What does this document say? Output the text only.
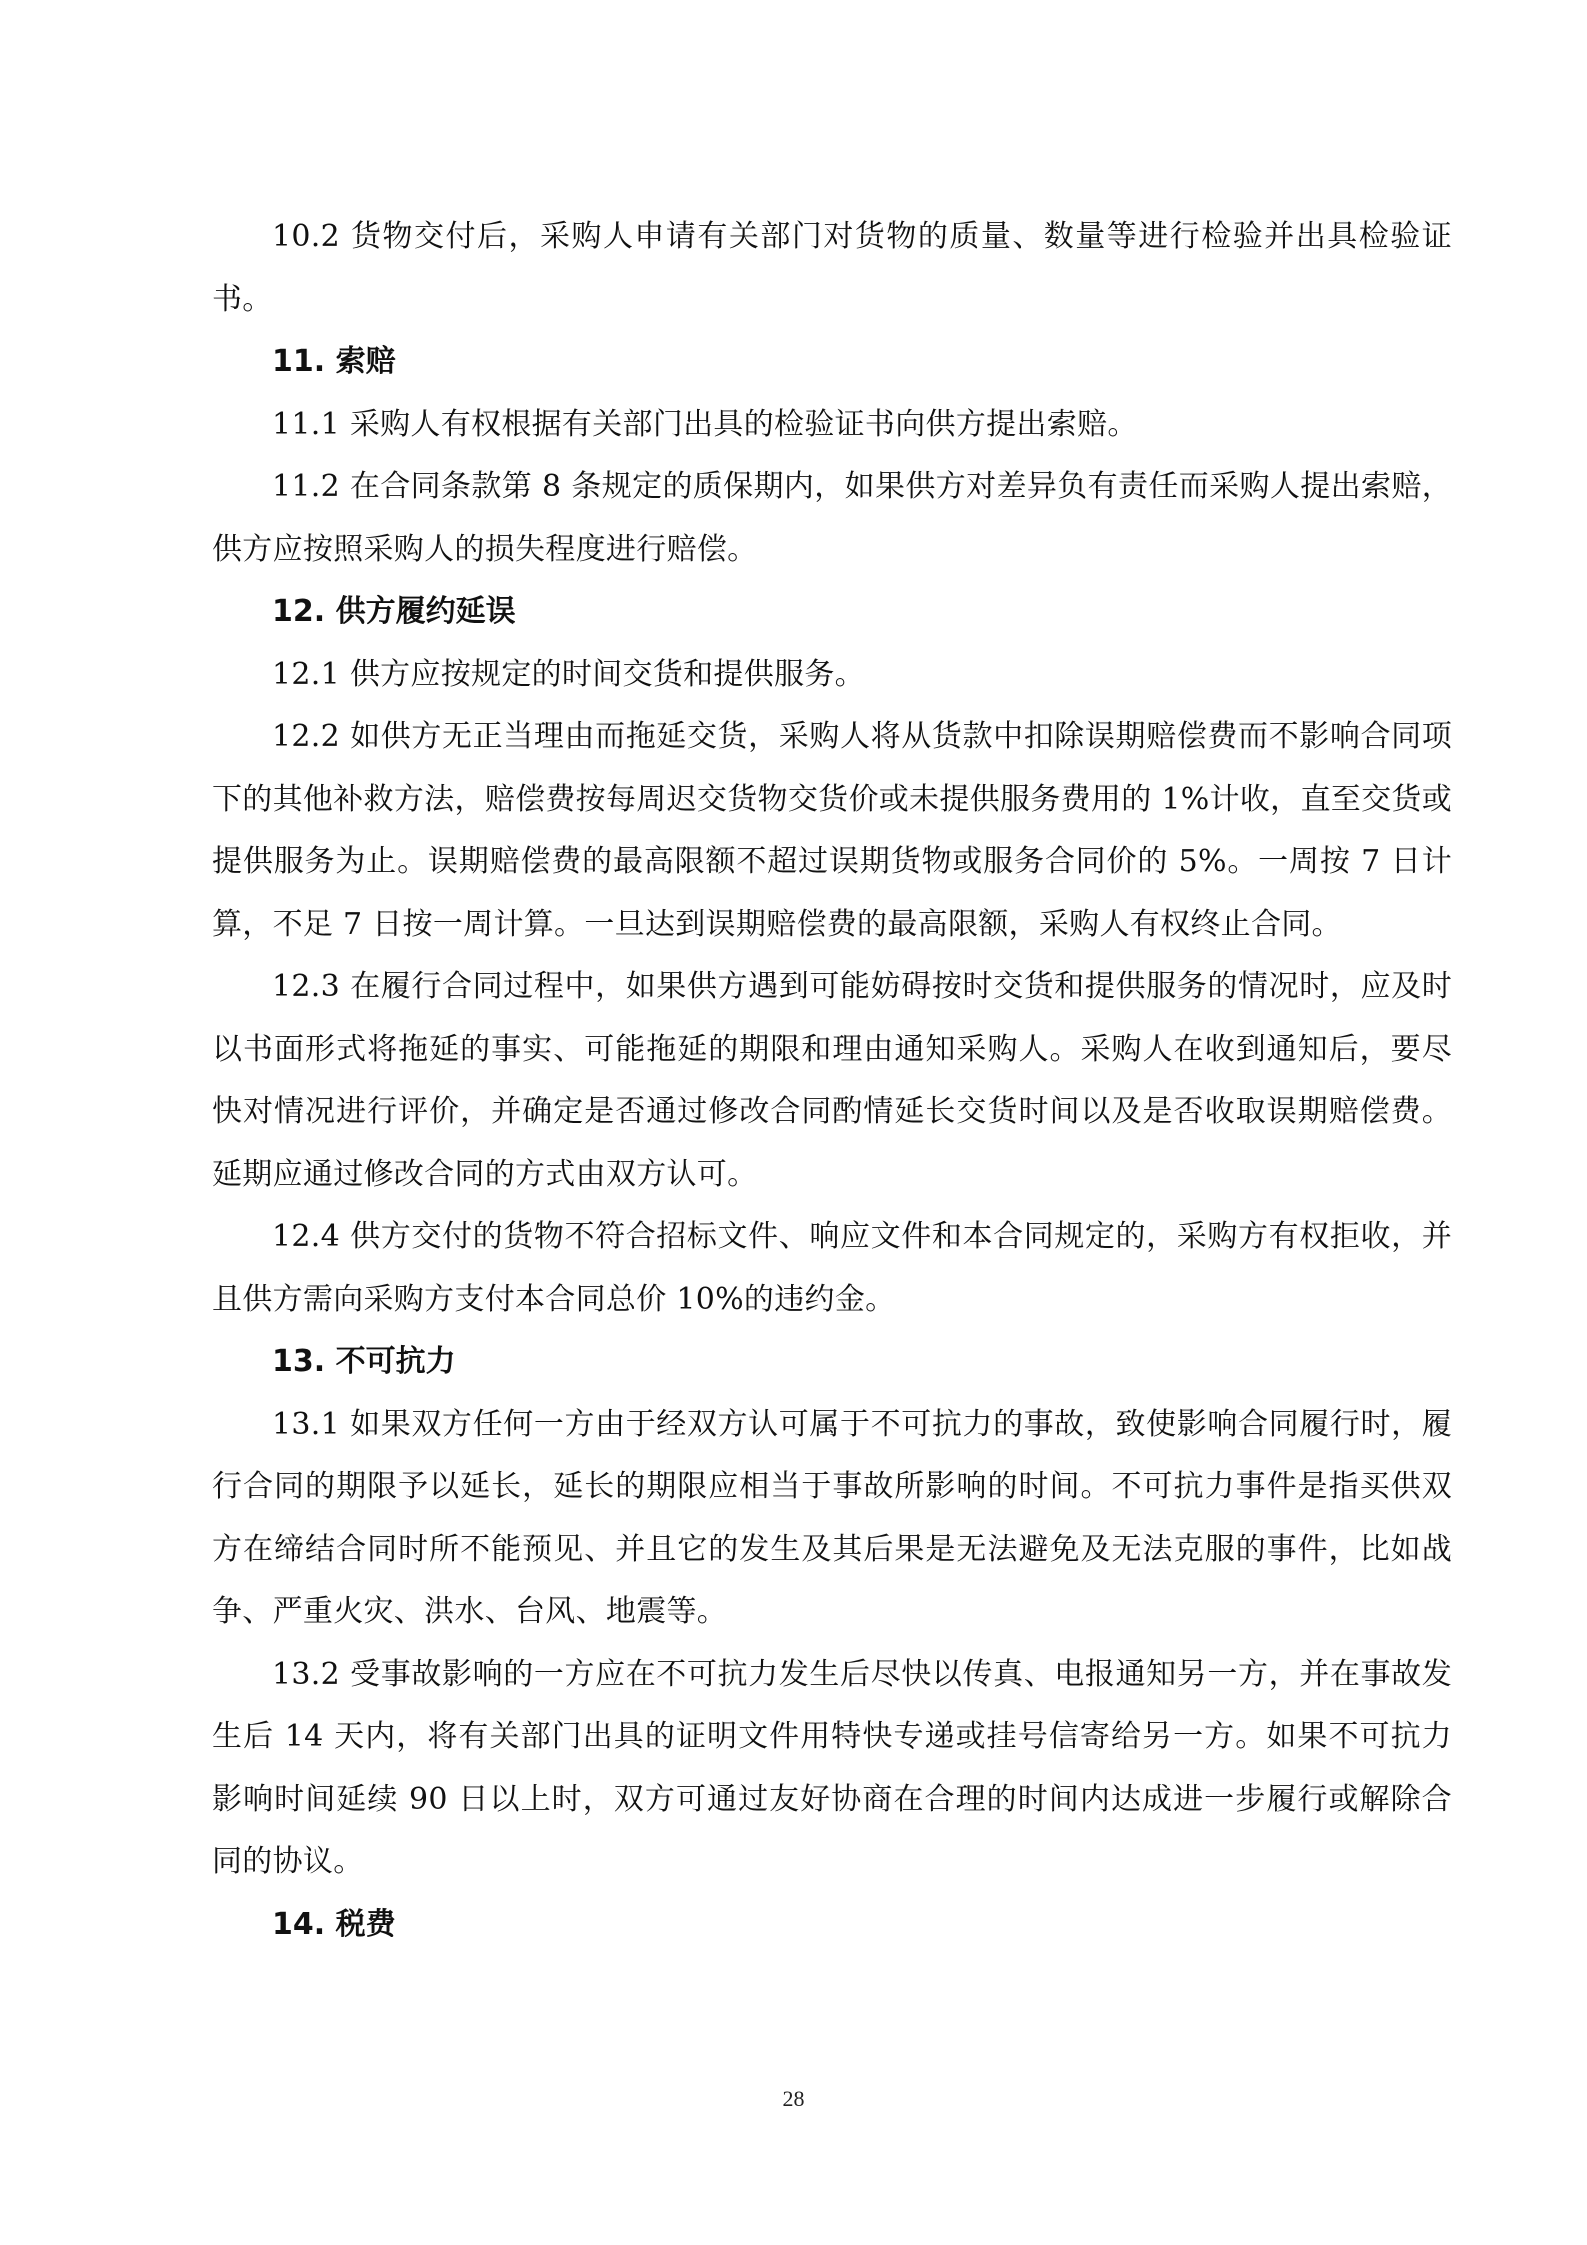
10.2 货物交付后，采购人申请有关部门对货物的质量、数量等进行检验并出具检验证书。

11. 索赔

11.1 采购人有权根据有关部门出具的检验证书向供方提出索赔。

11.2 在合同条款第 8 条规定的质保期内，如果供方对差异负有责任而采购人提出索赔，供方应按照采购人的损失程度进行赔偿。

12. 供方履约延误

12.1 供方应按规定的时间交货和提供服务。

12.2 如供方无正当理由而拖延交货，采购人将从货款中扣除误期赔偿费而不影响合同项下的其他补救方法，赔偿费按每周迟交货物交货价或未提供服务费用的 1%计收，直至交货或提供服务为止。误期赔偿费的最高限额不超过误期货物或服务合同价的 5%。一周按 7 日计算，不足 7 日按一周计算。一旦达到误期赔偿费的最高限额，采购人有权终止合同。

12.3 在履行合同过程中，如果供方遇到可能妨碍按时交货和提供服务的情况时，应及时以书面形式将拖延的事实、可能拖延的期限和理由通知采购人。采购人在收到通知后，要尽快对情况进行评价，并确定是否通过修改合同酌情延长交货时间以及是否收取误期赔偿费。延期应通过修改合同的方式由双方认可。

12.4 供方交付的货物不符合招标文件、响应文件和本合同规定的，采购方有权拒收，并且供方需向采购方支付本合同总价 10%的违约金。

13. 不可抗力

13.1 如果双方任何一方由于经双方认可属于不可抗力的事故，致使影响合同履行时，履行合同的期限予以延长，延长的期限应相当于事故所影响的时间。不可抗力事件是指买供双方在缔结合同时所不能预见、并且它的发生及其后果是无法避免及无法克服的事件，比如战争、严重火灾、洪水、台风、地震等。

13.2 受事故影响的一方应在不可抗力发生后尽快以传真、电报通知另一方，并在事故发生后 14 天内，将有关部门出具的证明文件用特快专递或挂号信寄给另一方。如果不可抗力影响时间延续 90 日以上时，双方可通过友好协商在合理的时间内达成进一步履行或解除合同的协议。

14. 税费

28
